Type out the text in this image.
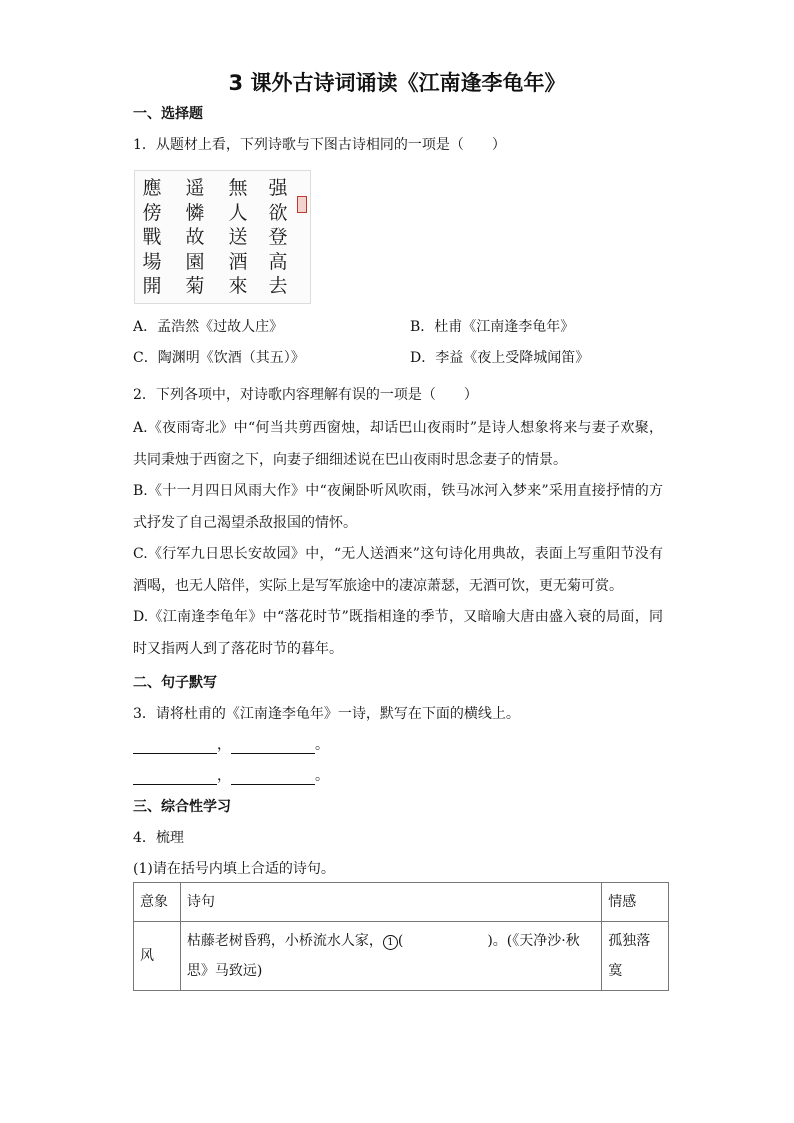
3 课外古诗词诵读《江南逢李龟年》
一、选择题
1．从题材上看，下列诗歌与下图古诗相同的一项是（　　）
應
傍
戰
場
開
遥
憐
故
園
菊
無
人
送
酒
來
强
欲
登
高
去
A．孟浩然《过故人庄》	B．杜甫《江南逢李龟年》
C．陶渊明《饮酒（其五）》	D．李益《夜上受降城闻笛》
2．下列各项中，对诗歌内容理解有误的一项是（　　）
A.《夜雨寄北》中“何当共剪西窗烛，却话巴山夜雨时”是诗人想象将来与妻子欢聚，共同秉烛于西窗之下，向妻子细细述说在巴山夜雨时思念妻子的情景。
B.《十一月四日风雨大作》中“夜阑卧听风吹雨，铁马冰河入梦来”采用直接抒情的方式抒发了自己渴望杀敌报国的情怀。
C.《行军九日思长安故园》中，“无人送酒来”这句诗化用典故，表面上写重阳节没有酒喝，也无人陪伴，实际上是写军旅途中的凄凉萧瑟，无酒可饮，更无菊可赏。
D.《江南逢李龟年》中“落花时节”既指相逢的季节，又暗喻大唐由盛入衰的局面，同时又指两人到了落花时节的暮年。
二、句子默写
3．请将杜甫的《江南逢李龟年》一诗，默写在下面的横线上。
，	。
，	。
三、综合性学习
4．梳理
(1)请在括号内填上合适的诗句。
意象	诗句	情感
风	枯藤老树昏鸦，小桥流水人家， 1 (　　　　　　)。(《天净沙·秋思》马致远)	孤独落寞
